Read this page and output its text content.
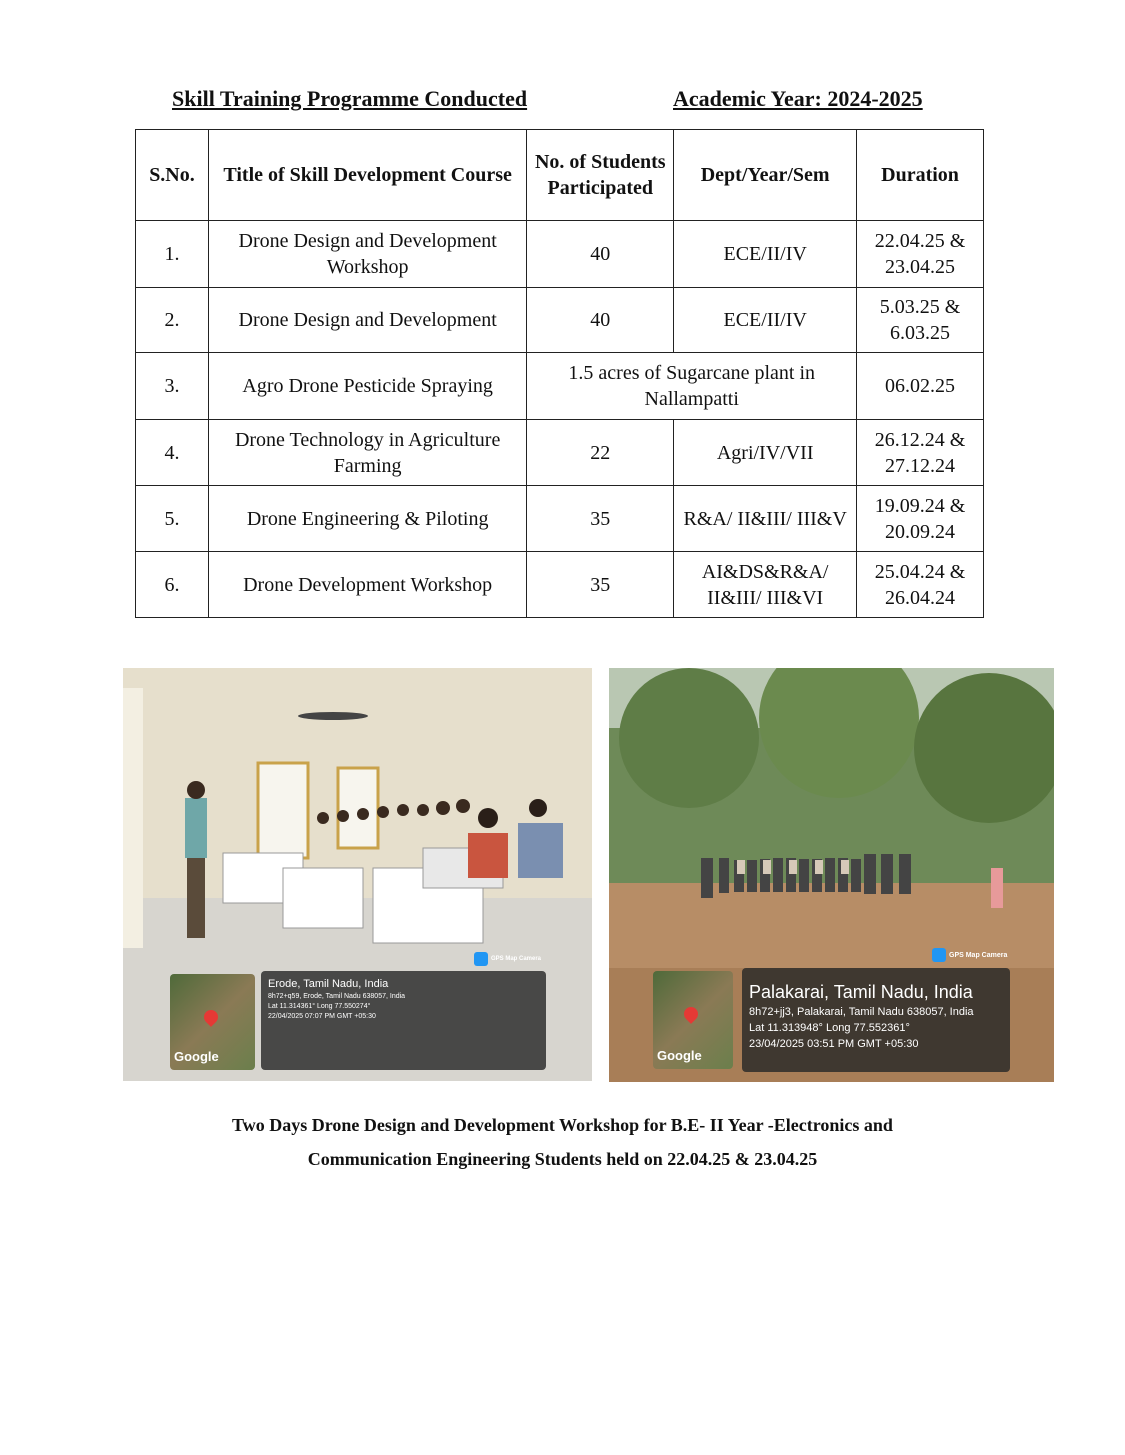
Skill Training Programme Conducted	Academic Year: 2024-2025
S.No.	Title of Skill Development Course	No. of Students Participated	Dept/Year/Sem	Duration
1.	Drone Design and Development Workshop	40	ECE/II/IV	22.04.25 & 23.04.25
2.	Drone Design and Development	40	ECE/II/IV	5.03.25 & 6.03.25
3.	Agro Drone Pesticide Spraying	1.5 acres of Sugarcane plant in Nallampatti		06.02.25
4.	Drone Technology in Agriculture Farming	22	Agri/IV/VII	26.12.24 & 27.12.24
5.	Drone Engineering & Piloting	35	R&A/ II&III/ III&V	19.09.24 & 20.09.24
6.	Drone Development Workshop	35	AI&DS&R&A/ II&III/ III&VI	25.04.24 & 26.04.24
Google
GPS Map Camera
Erode, Tamil Nadu, India
8h72+q59, Erode, Tamil Nadu 638057, India
Lat 11.314361° Long 77.550274°
22/04/2025 07:07 PM GMT +05:30
Google
GPS Map Camera
Palakarai, Tamil Nadu, India
8h72+jj3, Palakarai, Tamil Nadu 638057, India
Lat 11.313948° Long 77.552361°
23/04/2025 03:51 PM GMT +05:30
Two Days Drone Design and Development Workshop for B.E- II Year -Electronics and
Communication Engineering Students held on 22.04.25 & 23.04.25
